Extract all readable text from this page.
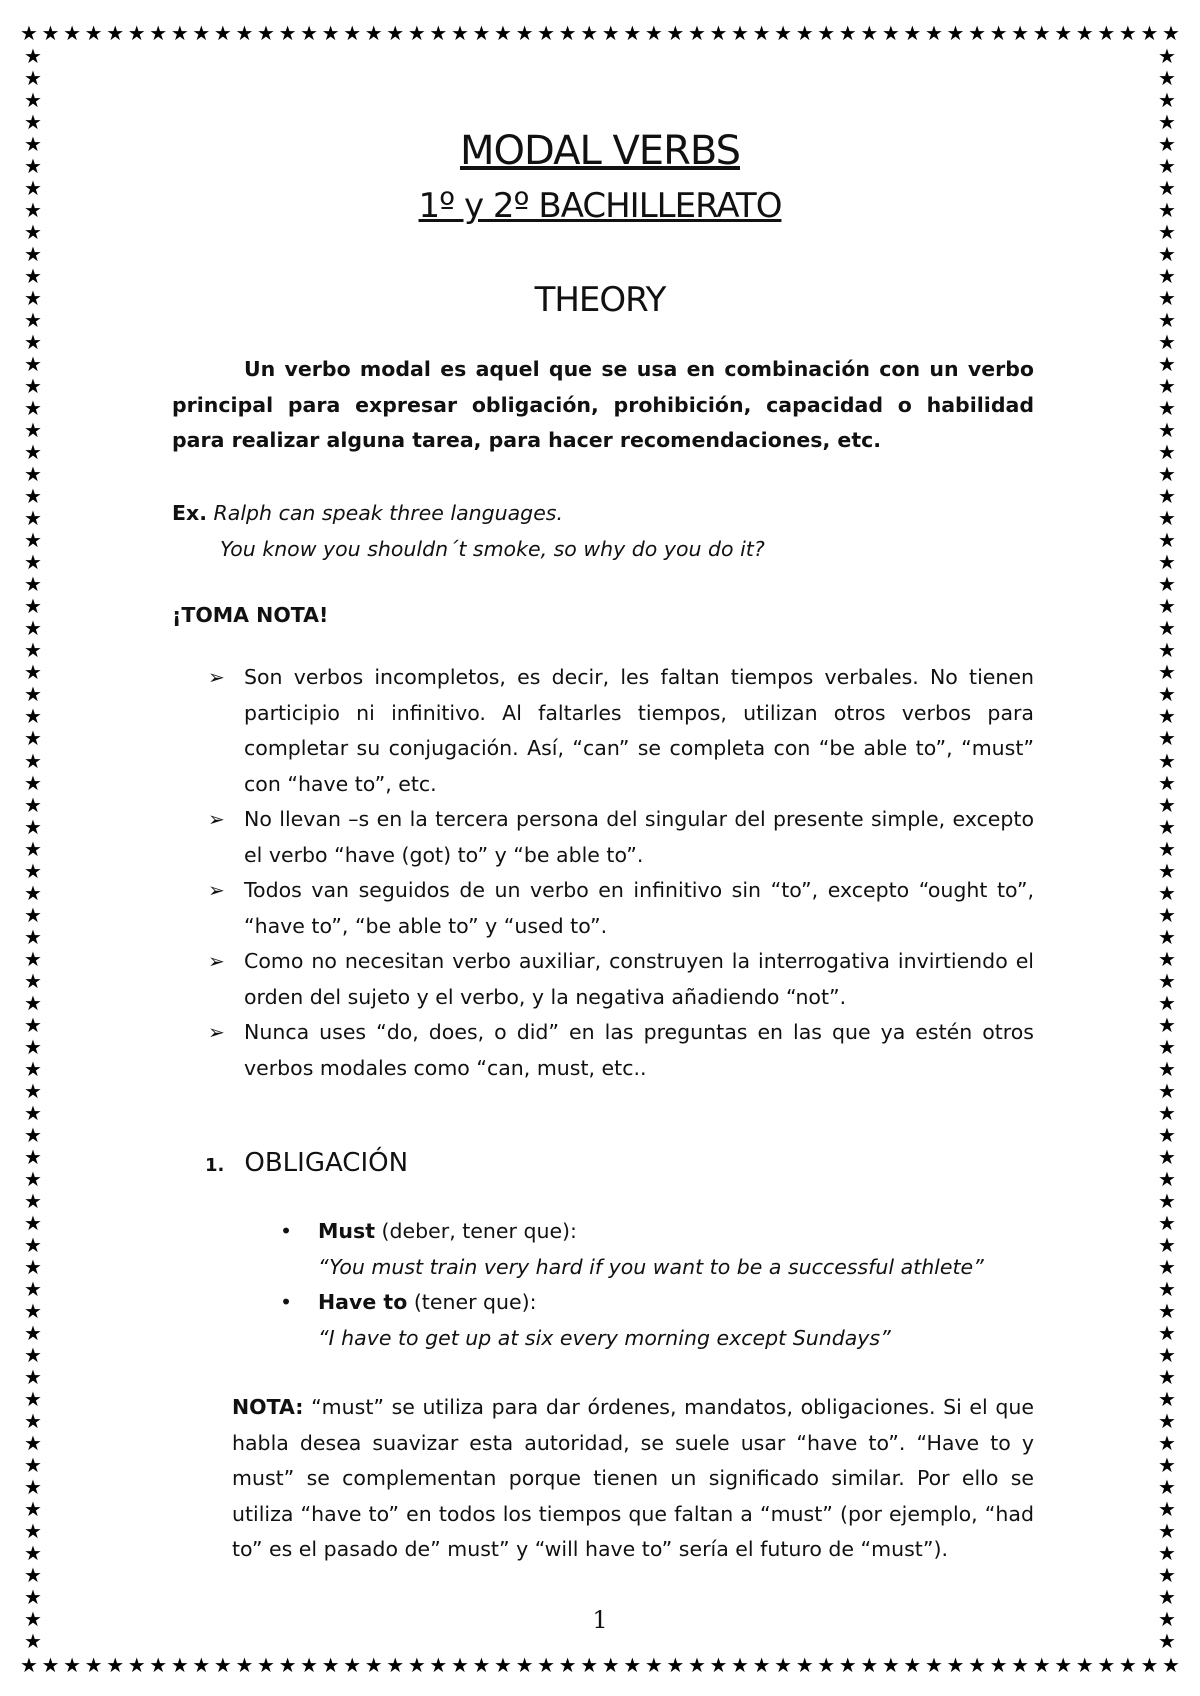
★ ★ ★ ★ ★ ★ ★ ★ ★ ★ ★ ★ ★ ★ ★ ★ ★ ★ ★ ★ ★ ★ ★ ★ ★ ★ ★ ★ ★ ★ ★ ★ ★ ★ ★ ★ ★ ★ ★ ★ ★ ★ ★ ★ ★ ★ ★ ★ ★ ★ ★ ★ ★ ★
★ ★ ★ ★ ★ ★ ★ ★ ★ ★ ★ ★ ★ ★ ★ ★ ★ ★ ★ ★ ★ ★ ★ ★ ★ ★ ★ ★ ★ ★ ★ ★ ★ ★ ★ ★ ★ ★ ★ ★ ★ ★ ★ ★ ★ ★ ★ ★ ★ ★ ★ ★ ★ ★
★
★
★
★
★
★
★
★
★
★
★
★
★
★
★
★
★
★
★
★
★
★
★
★
★
★
★
★
★
★
★
★
★
★
★
★
★
★
★
★
★
★
★
★
★
★
★
★
★
★
★
★
★
★
★
★
★
★
★
★
★
★
★
★
★
★
★
★
★
★
★
★
★
★
★
★
★
★
★
★
★
★
★
★
★
★
★
★
★
★
★
★
★
★
★
★
★
★
★
★
★
★
★
★
★
★
★
★
★
★
★
★
★
★
★
★
★
★
★
★
★
★
★
★
★
★
★
★
★
★
★
★
★
★
★
★
★
★
★
★
★
★
★
★
★
★
MODAL VERBS
1º y 2º BACHILLERATO
THEORY

Un verbo modal es aquel que se usa en combinación con un verbo principal para expresar obligación, prohibición, capacidad o habilidad para realizar alguna tarea, para hacer recomendaciones, etc.

Ex. Ralph can speak three languages.
You know you shouldn´t smoke, so why do you do it?

¡TOMA NOTA!

➢ Son verbos incompletos, es decir, les faltan tiempos verbales. No tienen participio ni infinitivo. Al faltarles tiempos, utilizan otros verbos para completar su conjugación. Así, “can” se completa con “be able to”, “must” con “have to”, etc.
➢ No llevan –s en la tercera persona del singular del presente simple, excepto el verbo “have (got) to” y “be able to”.
➢ Todos van seguidos de un verbo en infinitivo sin “to”, excepto “ought to”, “have to”, “be able to” y “used to”.
➢ Como no necesitan verbo auxiliar, construyen la interrogativa invirtiendo el orden del sujeto y el verbo, y la negativa añadiendo “not”.
➢ Nunca uses “do, does, o did” en las preguntas en las que ya estén otros verbos modales como “can, must, etc..
1. OBLIGACIÓN
• Must (deber, tener que):
“You must train very hard if you want to be a successful athlete”
• Have to (tener que):
“I have to get up at six every morning except Sundays”

NOTA: “must” se utiliza para dar órdenes, mandatos, obligaciones. Si el que habla desea suavizar esta autoridad, se suele usar “have to”. “Have to y must” se complementan porque tienen un significado similar. Por ello se utiliza “have to” en todos los tiempos que faltan a “must” (por ejemplo, “had to” es el pasado de” must” y “will have to” sería el futuro de “must”).

1
